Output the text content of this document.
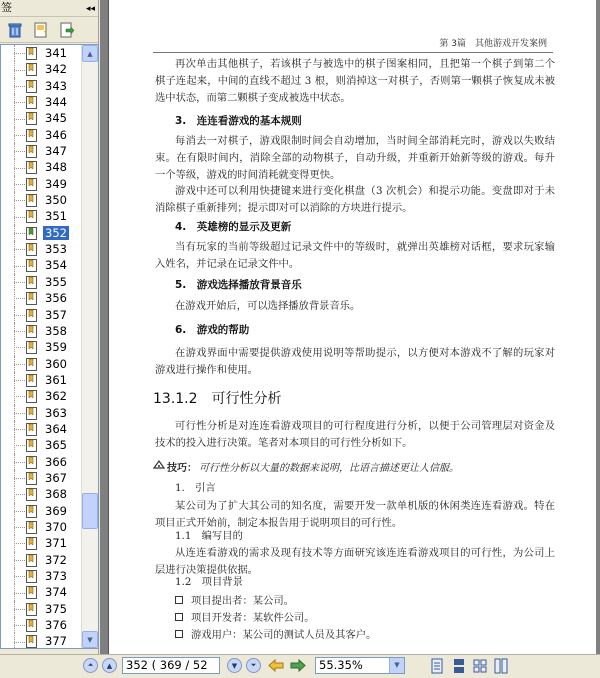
签	◂◂
341
342
343
344
345
346
347
348
349
350
351
352
353
354
355
356
357
358
359
360
361
362
363
364
365
366
367
368
369
370
371
372
373
374
375
376
377
▲
▼
第 3篇　其他游戏开发案例
再次单击其他棋子，若该棋子与被选中的棋子图案相同，且把第一个棋子到第二个棋子连起来，中间的直线不超过 3 根，则消掉这一对棋子，否则第一颗棋子恢复成未被选中状态，而第二颗棋子变成被选中状态。
3.　连连看游戏的基本规则
每消去一对棋子，游戏限制时间会自动增加，当时间全部消耗完时，游戏以失败结束。在有限时间内，消除全部的动物棋子，自动升级，并重新开始新等级的游戏。每升一个等级，游戏的时间消耗就变得更快。
游戏中还可以利用快捷键来进行变化棋盘（3 次机会）和提示功能。变盘即对于未消除棋子重新排列；提示即对可以消除的方块进行提示。
4.　英雄榜的显示及更新
当有玩家的当前等级超过记录文件中的等级时，就弹出英雄榜对话框，要求玩家输入姓名，并记录在记录文件中。
5.　游戏选择播放背景音乐
在游戏开始后，可以选择播放背景音乐。
6.　游戏的帮助
在游戏界面中需要提供游戏使用说明等帮助提示，以方便对本游戏不了解的玩家对游戏进行操作和使用。
13.1.2　可行性分析
可行性分析是对连连看游戏项目的可行程度进行分析，以便于公司管理层对资金及技术的投入进行决策。笔者对本项目的可行性分析如下。
技巧： 可行性分析以大量的数据来说明，比语言描述更让人信服。
1.　引言
某公司为了扩大其公司的知名度，需要开发一款单机版的休闲类连连看游戏。特在项目正式开始前，制定本报告用于说明项目的可行性。
1.1　编写目的
从连连看游戏的需求及现有技术等方面研究该连连看游戏项目的可行性，为公司上层进行决策提供依据。
1.2　项目背景
项目提出者：某公司。
项目开发者：某软件公司。
游戏用户：某公司的测试人员及其客户。
⏶	▲	352 ( 369 / 52	▼	⏷	55.35%	▼
